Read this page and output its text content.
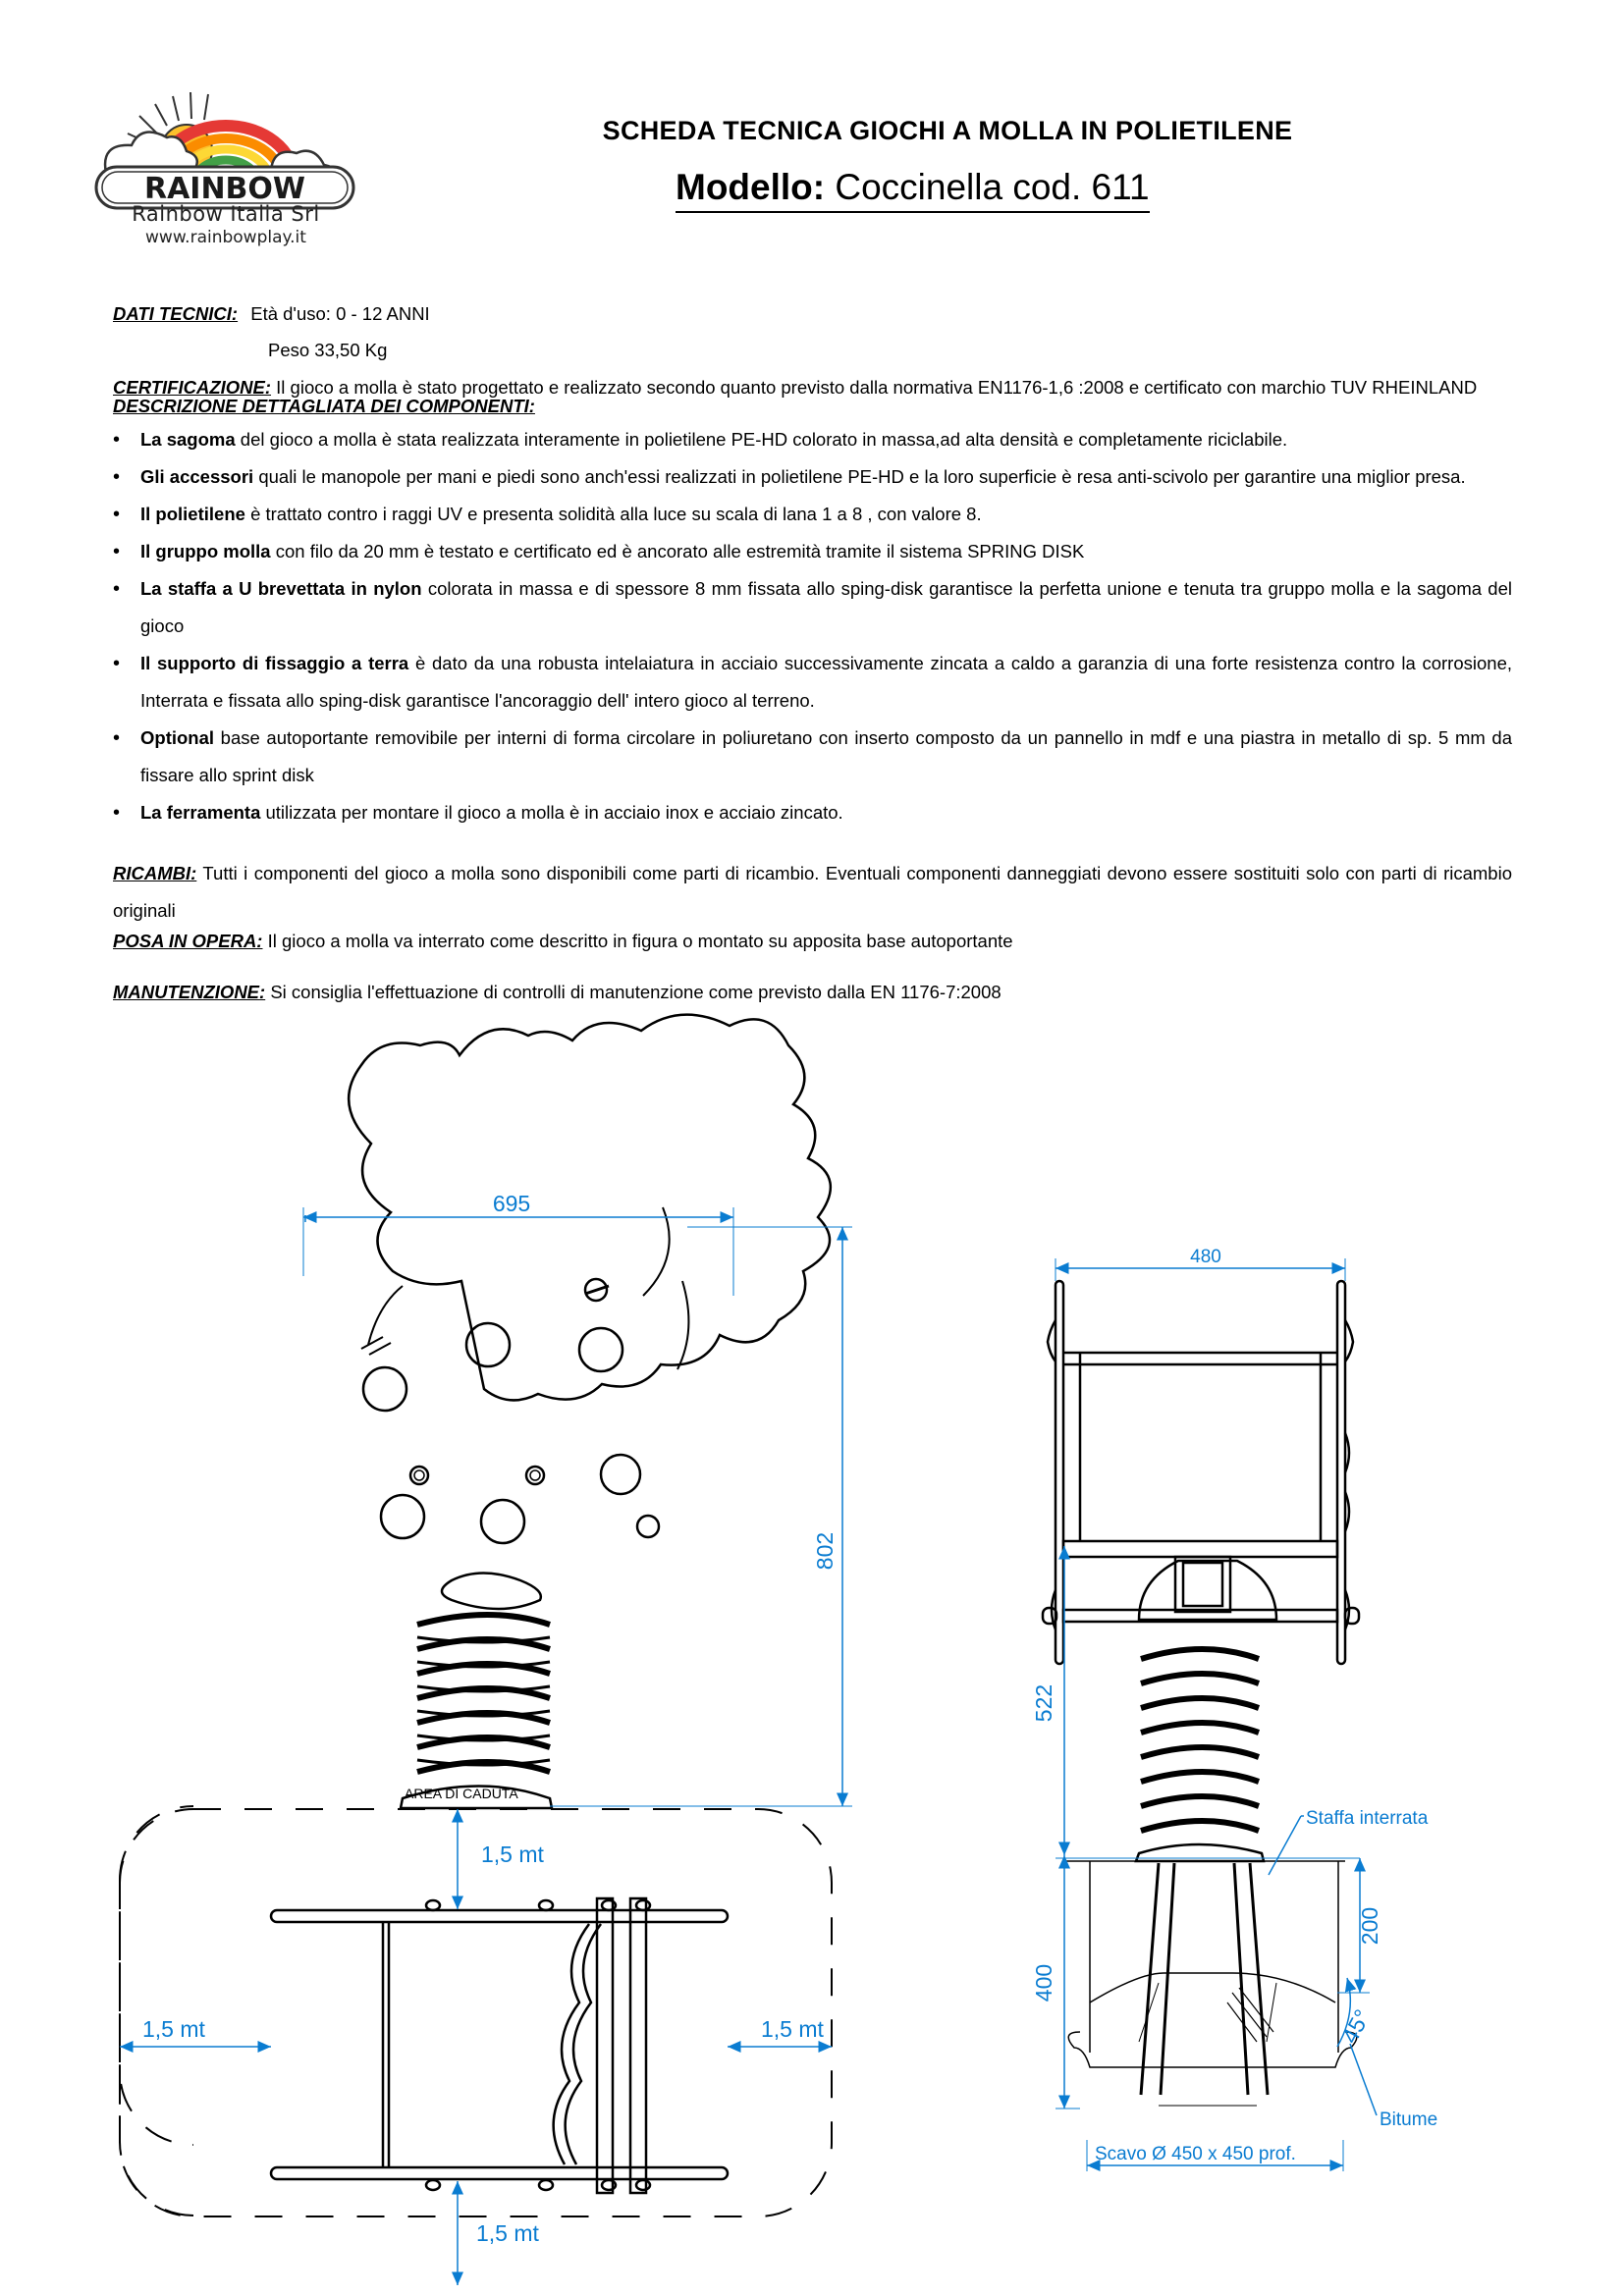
RAINBOW
695
802
480
522
400
200
45°
Staffa interrata
Bitume
Scavo Ø 450 x 450 prof.
AREA DI CADUTA
1,5 mt
1,5 mt	1,5 mt
1,5 mt
Rainbow Italia Srl
www.rainbowplay.it
SCHEDA TECNICA GIOCHI A MOLLA IN POLIETILENE
Modello: Coccinella cod. 611
DATI TECNICI: Età d'uso: 0 - 12 ANNI
Peso 33,50 Kg
CERTIFICAZIONE: Il gioco a molla è stato progettato e realizzato secondo quanto previsto dalla normativa EN1176-1,6 :2008 e certificato con marchio TUV RHEINLAND
DESCRIZIONE DETTAGLIATA DEI COMPONENTI:
• La sagoma del gioco a molla è stata realizzata interamente in polietilene PE-HD colorato in massa,ad alta densità e completamente riciclabile.
• Gli accessori quali le manopole per mani e piedi sono anch'essi realizzati in polietilene PE-HD e la loro superficie è resa anti-scivolo per garantire una miglior presa.
• Il polietilene è trattato contro i raggi UV e presenta solidità alla luce su scala di lana 1 a 8 , con valore 8.
• Il gruppo molla con filo da 20 mm è testato e certificato ed è ancorato alle estremità tramite il sistema SPRING DISK
• La staffa a U brevettata in nylon colorata in massa e di spessore 8 mm fissata allo sping-disk garantisce la perfetta unione e tenuta tra gruppo molla e la sagoma del gioco
• Il supporto di fissaggio a terra è dato da una robusta intelaiatura in acciaio successivamente zincata a caldo a garanzia di una forte resistenza contro la corrosione, Interrata e fissata allo sping-disk garantisce l'ancoraggio dell' intero gioco al terreno.
• Optional base autoportante removibile per interni di forma circolare in poliuretano con inserto composto da un pannello in mdf e una piastra in metallo di sp. 5 mm da fissare allo sprint disk
• La ferramenta utilizzata per montare il gioco a molla è in acciaio inox e acciaio zincato.
RICAMBI: Tutti i componenti del gioco a molla sono disponibili come parti di ricambio. Eventuali componenti danneggiati devono essere sostituiti solo con parti di ricambio originali
POSA IN OPERA: Il gioco a molla va interrato come descritto in figura o montato su apposita base autoportante
MANUTENZIONE: Si consiglia l'effettuazione di controlli di manutenzione come previsto dalla EN 1176-7:2008
